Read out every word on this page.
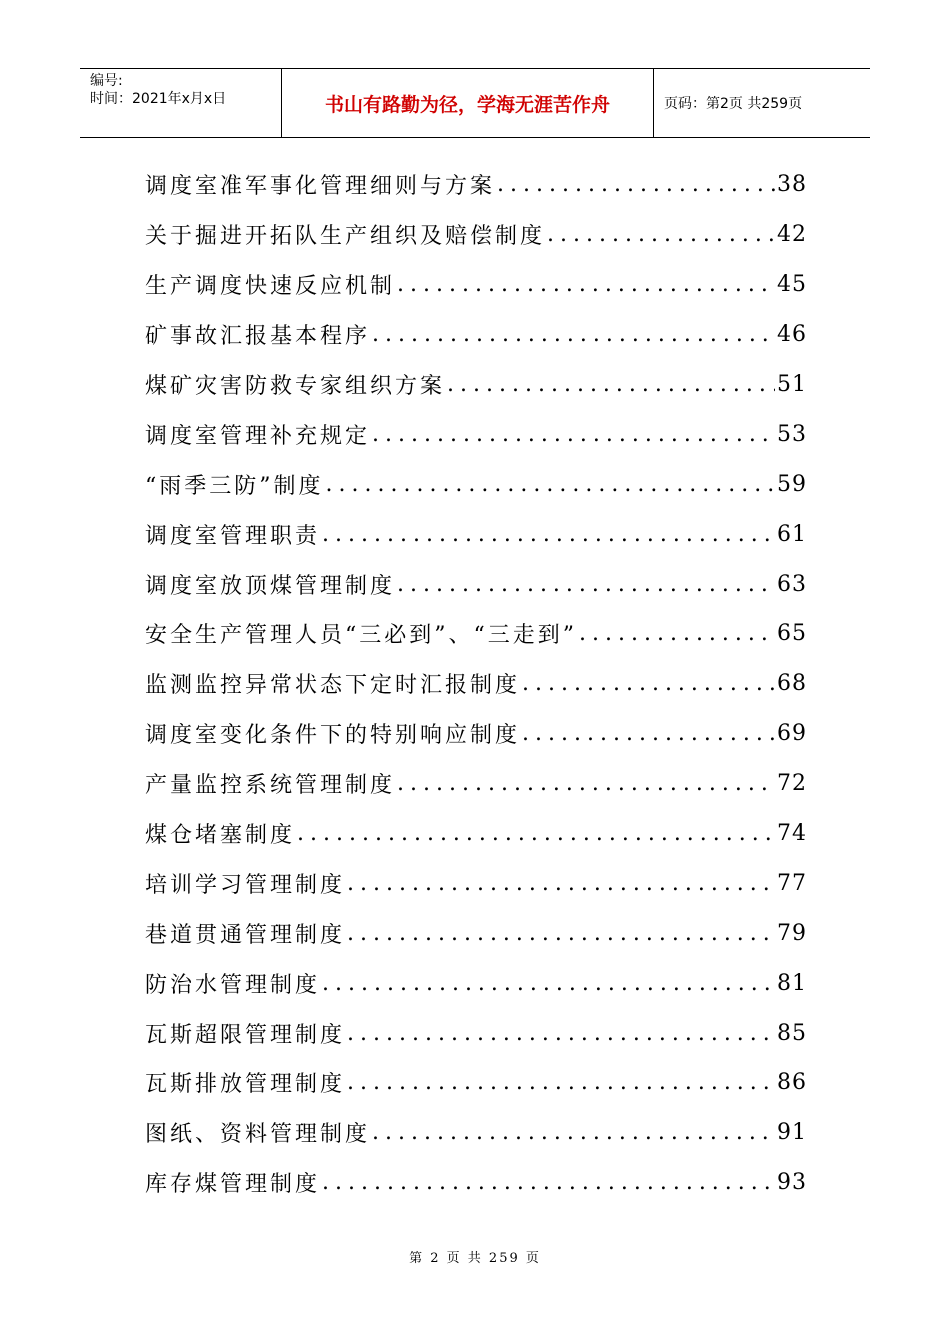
编号:
时间：2021年x月x日	书山有路勤为径，学海无涯苦作舟	页码：第2页 共259页
调度室准军事化管理细则与方案 .....	38
关于掘进开拓队生产组织及赔偿制度 .....	42
生产调度快速反应机制 .....	45
矿事故汇报基本程序 .....	46
煤矿灾害防救专家组织方案 .....	51
调度室管理补充规定 .....	53
“雨季三防”制度 .....	59
调度室管理职责 .....	61
调度室放顶煤管理制度 .....	63
安全生产管理人员“三必到”、“三走到” .....	65
监测监控异常状态下定时汇报制度 .....	68
调度室变化条件下的特别响应制度 .....	69
产量监控系统管理制度 .....	72
煤仓堵塞制度 .....	74
培训学习管理制度 .....	77
巷道贯通管理制度 .....	79
防治水管理制度 .....	81
瓦斯超限管理制度 .....	85
瓦斯排放管理制度 .....	86
图纸、资料管理制度 .....	91
库存煤管理制度 .....	93
第 2 页 共 259 页
